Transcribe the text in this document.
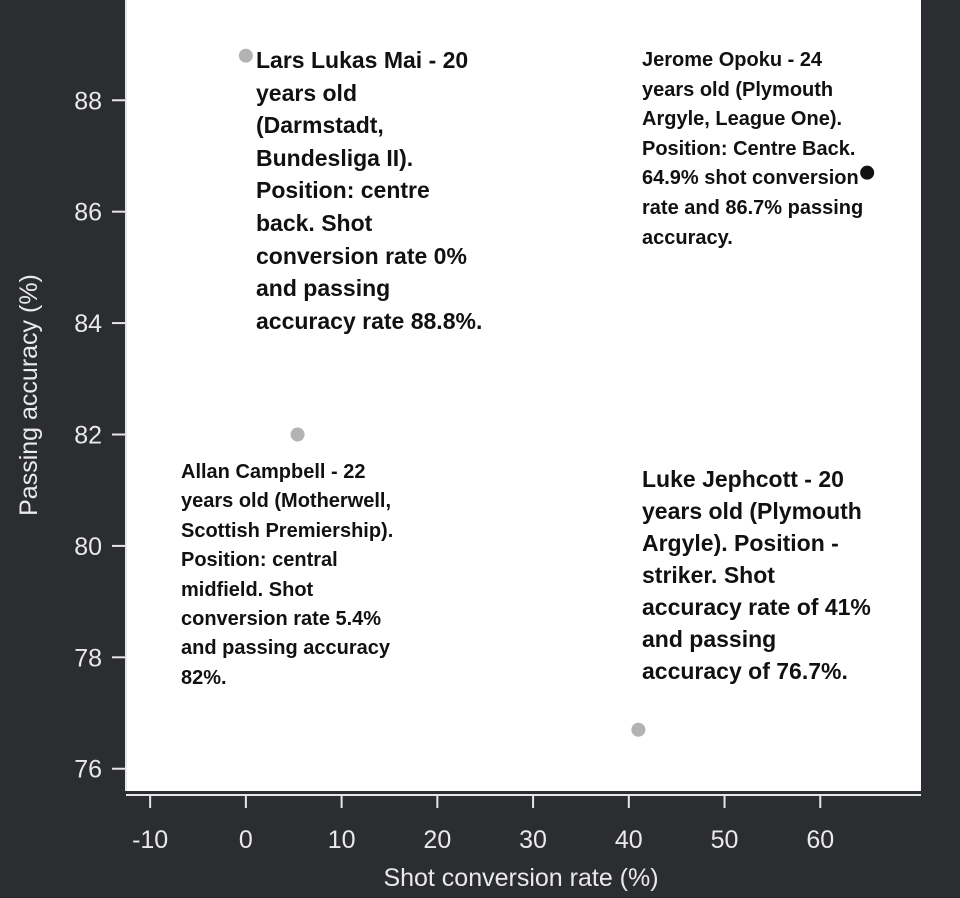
-10	0	10	20	30	40	50	60
76
78
80
82
84
86
88
Shot conversion rate (%)
Passing accuracy (%)
Lars Lukas Mai - 20 years old (Darmstadt, Bundesliga II). Position: centre back. Shot conversion rate 0% and passing accuracy rate 88.8%.
Jerome Opoku - 24 years old (Plymouth Argyle, League One). Position: Centre Back. 64.9% shot conversion rate and 86.7% passing accuracy.
Allan Campbell - 22 years old (Motherwell, Scottish Premiership). Position: central midfield. Shot conversion rate 5.4% and passing accuracy 82%.
Luke Jephcott - 20 years old (Plymouth Argyle). Position - striker. Shot accuracy rate of 41% and passing accuracy of 76.7%.
